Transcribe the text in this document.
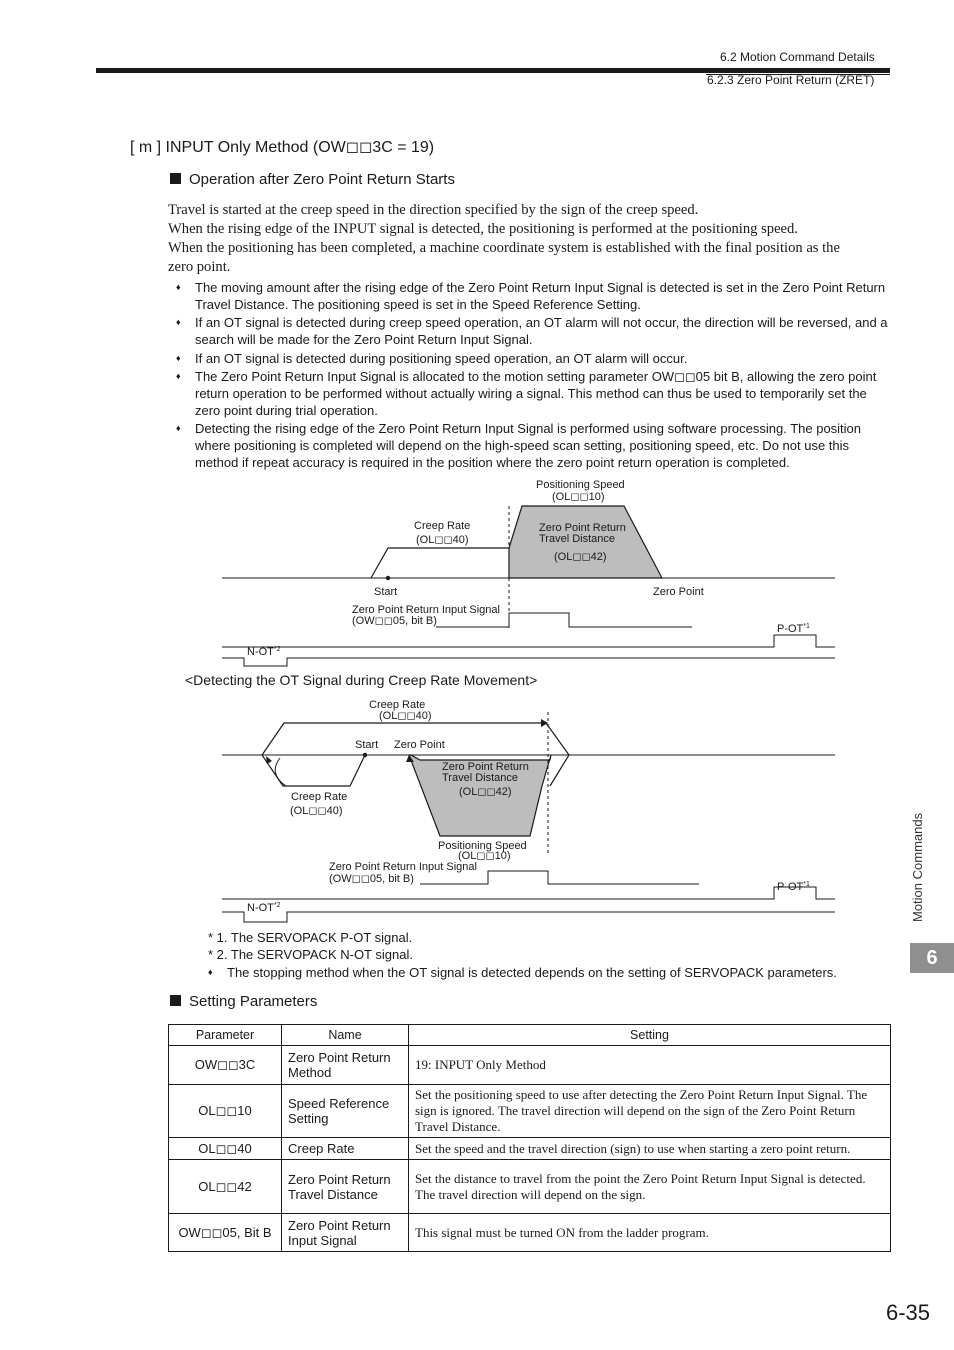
6.2 Motion Command Details
6.2.3 Zero Point Return (ZRET)
[ m ] INPUT Only Method (OW◻◻3C = 19)
Operation after Zero Point Return Starts
Travel is started at the creep speed in the direction specified by the sign of the creep speed.
When the rising edge of the INPUT signal is detected, the positioning is performed at the positioning speed.
When the positioning has been completed, a machine coordinate system is established with the final position as the
zero point.
♦ The moving amount after the rising edge of the Zero Point Return Input Signal is detected is set in the Zero Point Return Travel Distance. The positioning speed is set in the Speed Reference Setting.
♦ If an OT signal is detected during creep speed operation, an OT alarm will not occur, the direction will be reversed, and a search will be made for the Zero Point Return Input Signal.
♦ If an OT signal is detected during positioning speed operation, an OT alarm will occur.
♦ The Zero Point Return Input Signal is allocated to the motion setting parameter OW◻◻05 bit B, allowing the zero point return operation to be performed without actually wiring a signal. This method can thus be used to temporarily set the zero point during trial operation.
♦ Detecting the rising edge of the Zero Point Return Input Signal is performed using software processing. The position where positioning is completed will depend on the high-speed scan setting, positioning speed, etc. Do not use this method if repeat accuracy is required in the position where the zero point return operation is completed.
Positioning Speed
(OL◻◻10)
Creep Rate
(OL◻◻40)
Zero Point Return
Travel Distance
(OL◻◻42)
Start	Zero Point
Zero Point Return Input Signal
(OW◻◻05, bit B)
P-OT$^{*1}$
$N-OT^{*2}$
<Detecting the OT Signal during Creep Rate Movement>
Creep Rate
(OL◻◻40)
Start Zero Point
Zero Point Return
Travel Distance
(OL◻◻42)
Creep Rate
(OL◻◻40)
Positioning Speed
(OL◻◻10)
Zero Point Return Input Signal
(OW◻◻05, bit B)
P-OT$^{*1}$
N-OT$^{*2}$
* 1. The SERVOPACK P-OT signal.
* 2. The SERVOPACK N-OT signal.
♦ The stopping method when the OT signal is detected depends on the setting of SERVOPACK parameters.
Setting Parameters
Parameter	Name	Setting
OW◻◻3C	Zero Point Return Method	19: INPUT Only Method
OL◻◻10	Speed Reference Setting	Set the positioning speed to use after detecting the Zero Point Return Input Signal. The sign is ignored. The travel direction will depend on the sign of the Zero Point Return Travel Distance.
OL◻◻40	Creep Rate	Set the speed and the travel direction (sign) to use when starting a zero point return.
OL◻◻42	Zero Point Return Travel Distance	Set the distance to travel from the point the Zero Point Return Input Signal is detected. The travel direction will depend on the sign.
OW◻◻05, Bit B	Zero Point Return Input Signal	This signal must be turned ON from the ladder program.
Motion Commands
6
6-35
